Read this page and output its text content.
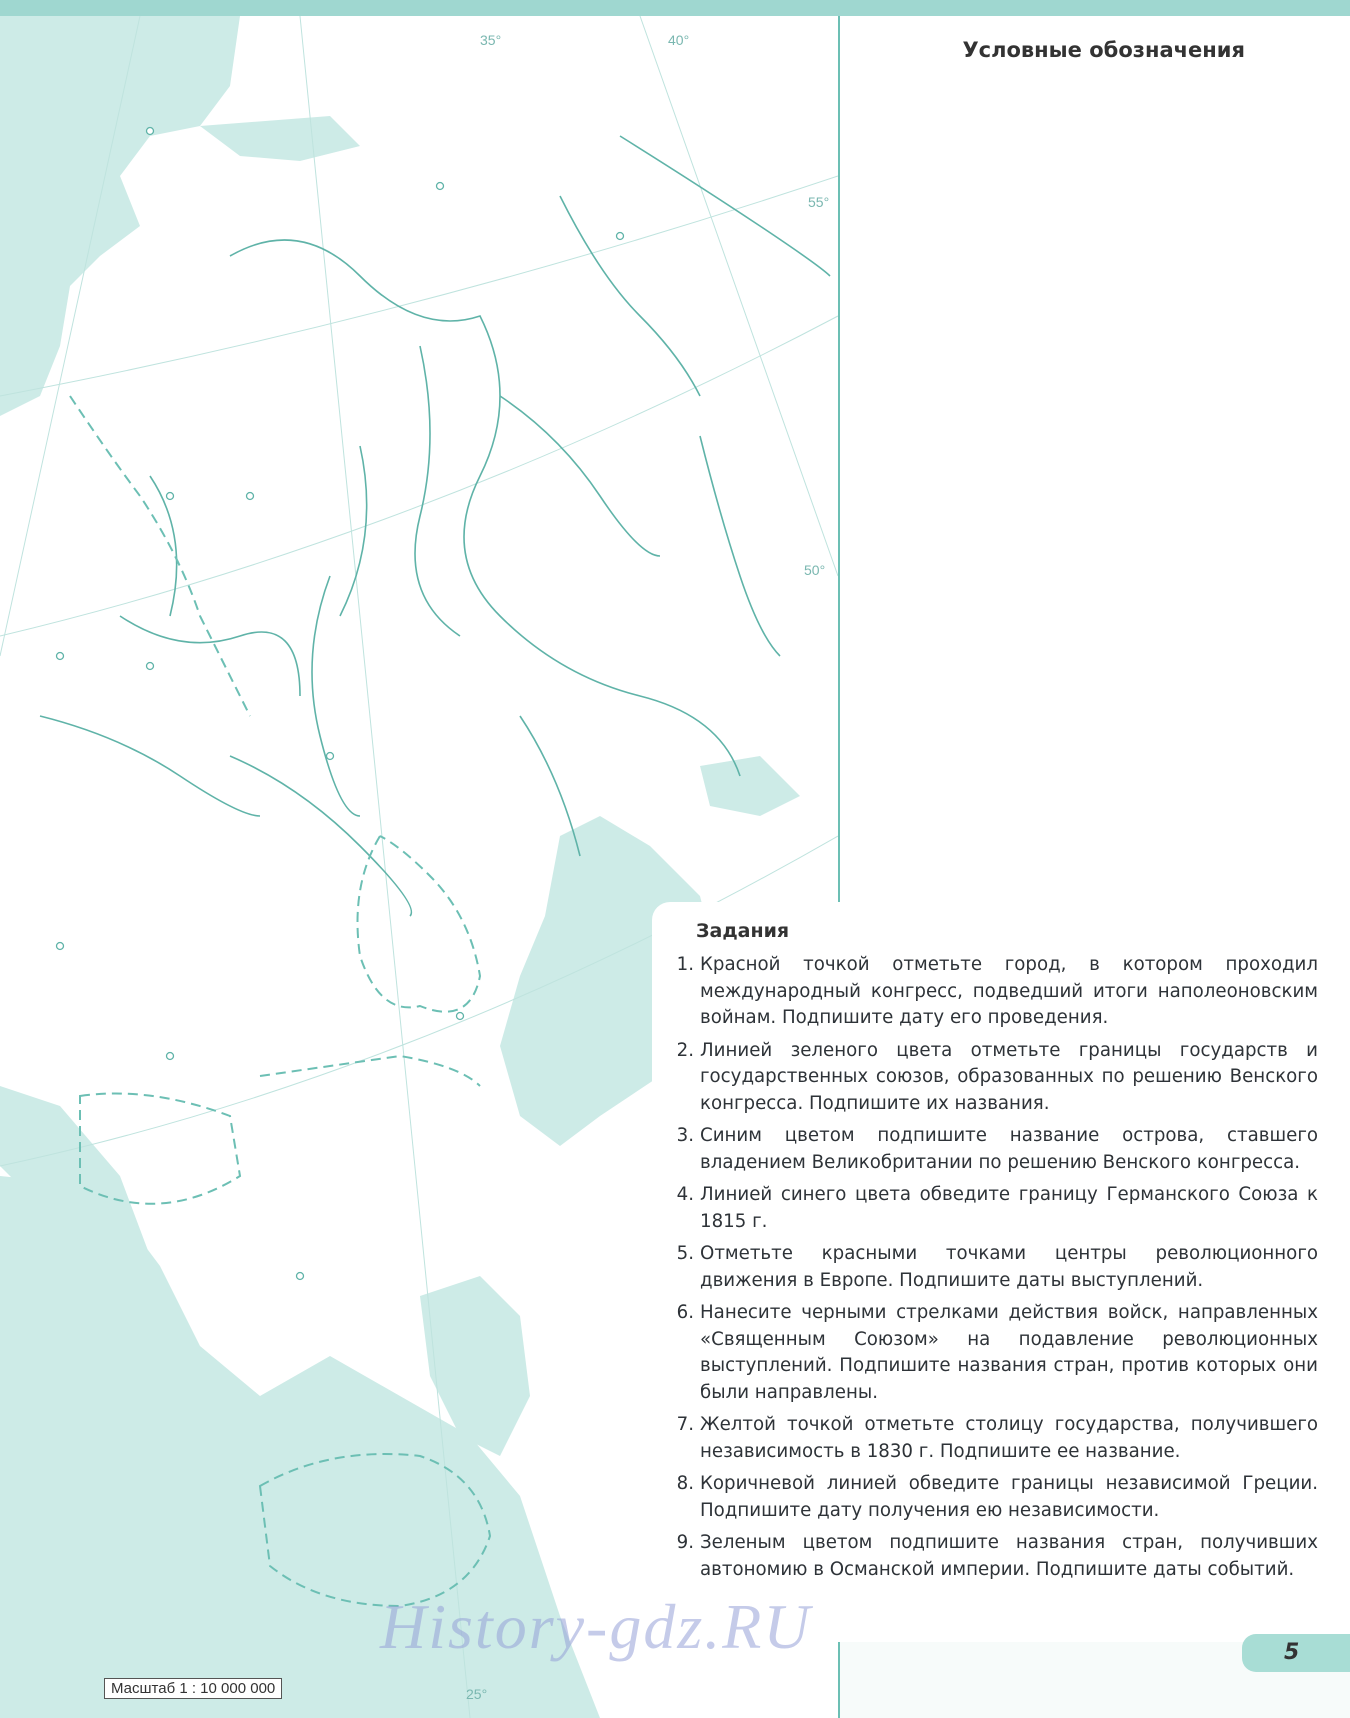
35°	40°
55°
50°
25°
Условные обозначения
Задания
1. Красной точкой отметьте город, в котором проходил международный конгресс, подведший итоги наполеоновским войнам. Подпишите дату его проведения.
2. Линией зеленого цвета отметьте границы государств и государственных союзов, образованных по решению Венского конгресса. Подпишите их названия.
3. Синим цветом подпишите название острова, ставшего владением Великобритании по решению Венского конгресса.
4. Линией синего цвета обведите границу Германского Союза к 1815 г.
5. Отметьте красными точками центры революционного движения в Европе. Подпишите даты выступлений.
6. Нанесите черными стрелками действия войск, направленных «Священным Союзом» на подавление революционных выступлений. Подпишите названия стран, против которых они были направлены.
7. Желтой точкой отметьте столицу государства, получившего независимость в 1830 г. Подпишите ее название.
8. Коричневой линией обведите границы независимой Греции. Подпишите дату получения ею независимости.
9. Зеленым цветом подпишите названия стран, получивших автономию в Османской империи. Подпишите даты событий.
History-gdz.RU	5
Масштаб 1 : 10 000 000
